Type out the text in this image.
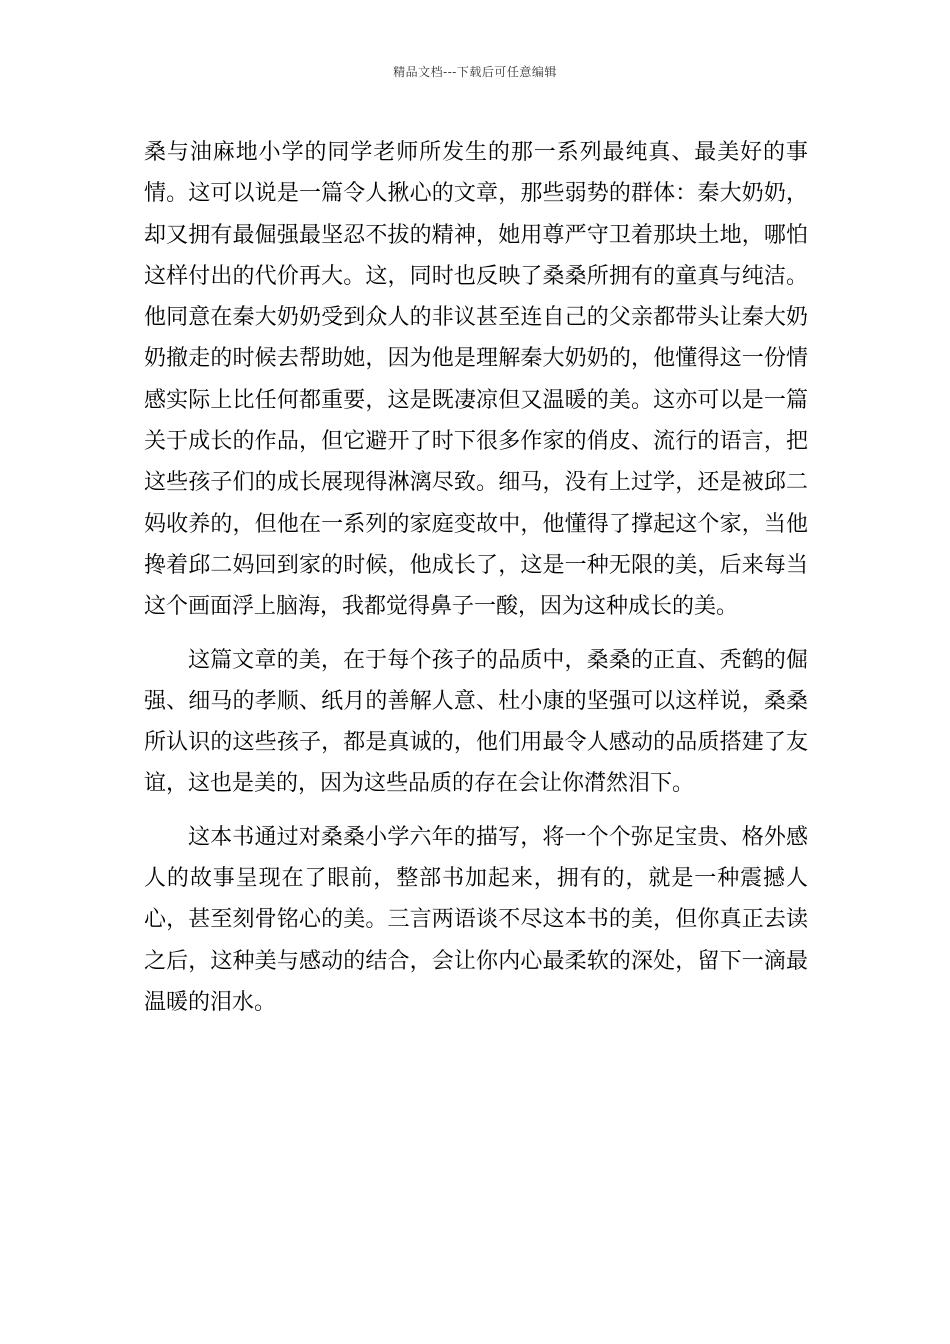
精品文档---下载后可任意编辑

桑与油麻地小学的同学老师所发生的那一系列最纯真、最美好的事情。这可以说是一篇令人揪心的文章，那些弱势的群体：秦大奶奶，却又拥有最倔强最坚忍不拔的精神，她用尊严守卫着那块土地，哪怕这样付出的代价再大。这，同时也反映了桑桑所拥有的童真与纯洁。他同意在秦大奶奶受到众人的非议甚至连自己的父亲都带头让秦大奶奶撤走的时候去帮助她，因为他是理解秦大奶奶的，他懂得这一份情感实际上比任何都重要，这是既凄凉但又温暖的美。这亦可以是一篇关于成长的作品，但它避开了时下很多作家的俏皮、流行的语言，把这些孩子们的成长展现得淋漓尽致。细马，没有上过学，还是被邱二妈收养的，但他在一系列的家庭变故中，他懂得了撑起这个家，当他搀着邱二妈回到家的时候，他成长了，这是一种无限的美，后来每当这个画面浮上脑海，我都觉得鼻子一酸，因为这种成长的美。

这篇文章的美，在于每个孩子的品质中，桑桑的正直、秃鹤的倔强、细马的孝顺、纸月的善解人意、杜小康的坚强可以这样说，桑桑所认识的这些孩子，都是真诚的，他们用最令人感动的品质搭建了友谊，这也是美的，因为这些品质的存在会让你潸然泪下。

这本书通过对桑桑小学六年的描写，将一个个弥足宝贵、格外感人的故事呈现在了眼前，整部书加起来，拥有的，就是一种震撼人心，甚至刻骨铭心的美。三言两语谈不尽这本书的美，但你真正去读之后，这种美与感动的结合，会让你内心最柔软的深处，留下一滴最温暖的泪水。
